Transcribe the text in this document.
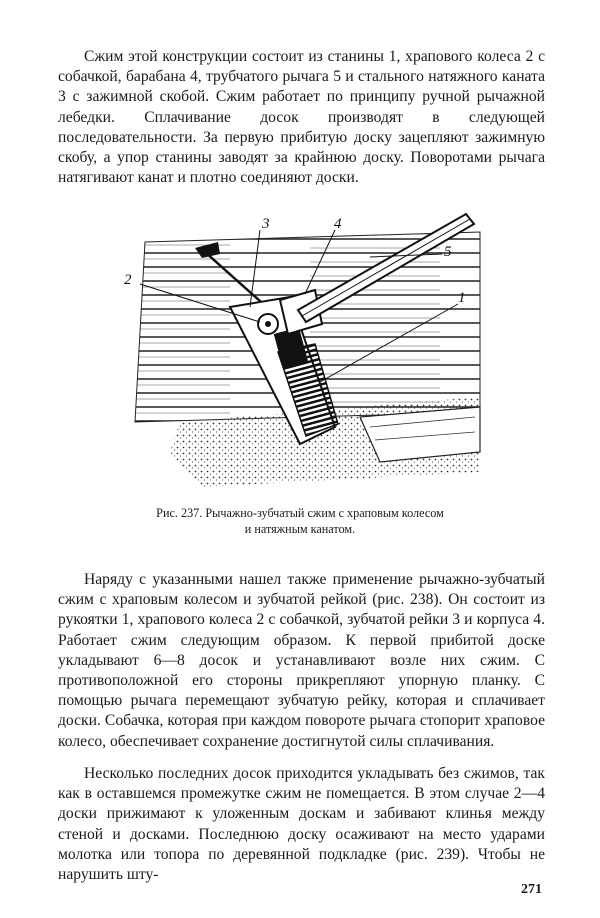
Сжим этой конструкции состоит из станины 1, храпового колеса 2 с собачкой, барабана 4, трубчатого рычага 5 и стального натяжного каната 3 с зажимной скобой. Сжим работает по принципу ручной рычажной лебедки. Сплачивание досок производят в следующей последовательности. За первую прибитую доску зацепляют зажимную скобу, а упор станины заводят за крайнюю доску. Поворотами рычага натягивают канат и плотно соединяют доски.

3	4
5
2
1
Рис. 237. Рычажно-зубчатый сжим с храповым колесом
и натяжным канатом.

Наряду с указанными нашел также применение рычажно-зубчатый сжим с храповым колесом и зубчатой рейкой (рис. 238). Он состоит из рукоятки 1, храпового колеса 2 с собачкой, зубчатой рейки 3 и корпуса 4. Работает сжим следующим образом. К первой прибитой доске укладывают 6—8 досок и устанавливают возле них сжим. С противоположной его стороны прикрепляют упорную планку. С помощью рычага перемещают зубчатую рейку, которая и сплачивает доски. Собачка, которая при каждом повороте рычага стопорит храповое колесо, обеспечивает сохранение достигнутой силы сплачивания.

Несколько последних досок приходится укладывать без сжимов, так как в оставшемся промежутке сжим не помещается. В этом случае 2—4 доски прижимают к уложенным доскам и забивают клинья между стеной и досками. Последнюю доску осаживают на место ударами молотка или топора по деревянной подкладке (рис. 239). Чтобы не нарушить шту-

271
